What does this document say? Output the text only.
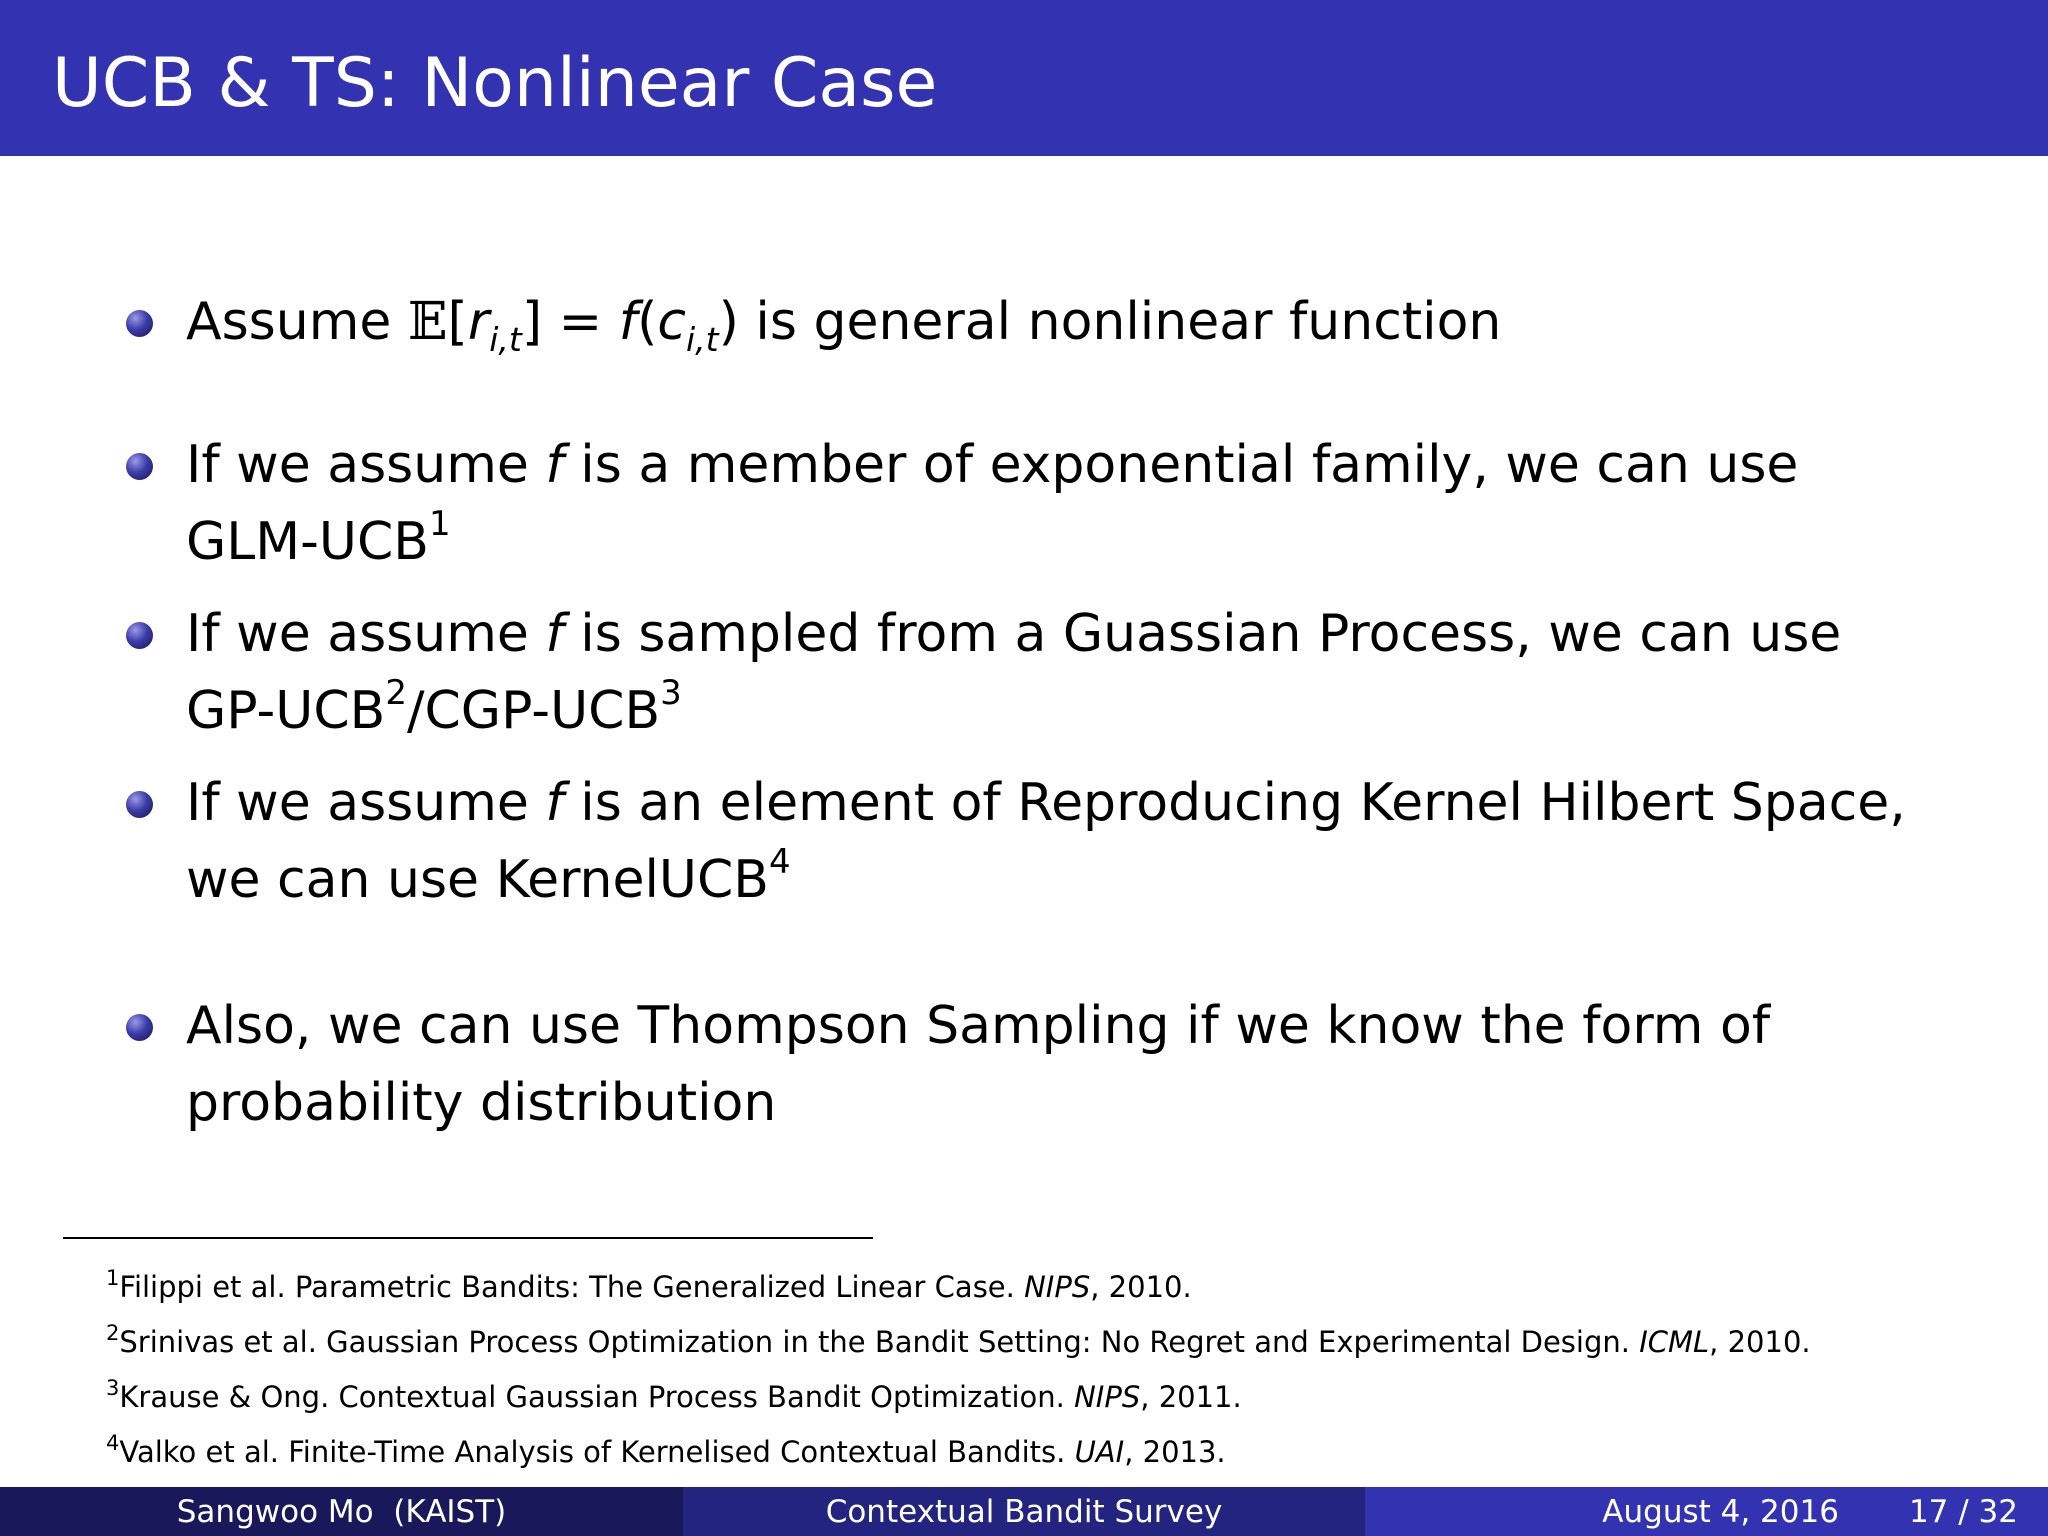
UCB & TS: Nonlinear Case
Assume $𝔼[r_{i,t}] = f(c_{i,t})$ is general nonlinear function
If we assume f is a member of exponential family, we can use
GLM-UCB$^1$
If we assume f is sampled from a Guassian Process, we can use
GP-UCB$^2$/CGP-UCB$^3$
If we assume f is an element of Reproducing Kernel Hilbert Space,
we can use KernelUCB$^4$
Also, we can use Thompson Sampling if we know the form of
probability distribution
$^1$Filippi et al. Parametric Bandits: The Generalized Linear Case. NIPS, 2010.
$^2$Srinivas et al. Gaussian Process Optimization in the Bandit Setting: No Regret and Experimental Design. ICML, 2010.
$^3$Krause & Ong. Contextual Gaussian Process Bandit Optimization. NIPS, 2011.
$^4$Valko et al. Finite-Time Analysis of Kernelised Contextual Bandits. UAI, 2013.
Sangwoo Mo  (KAIST)	Contextual Bandit Survey	August 4, 2016 17 / 32
